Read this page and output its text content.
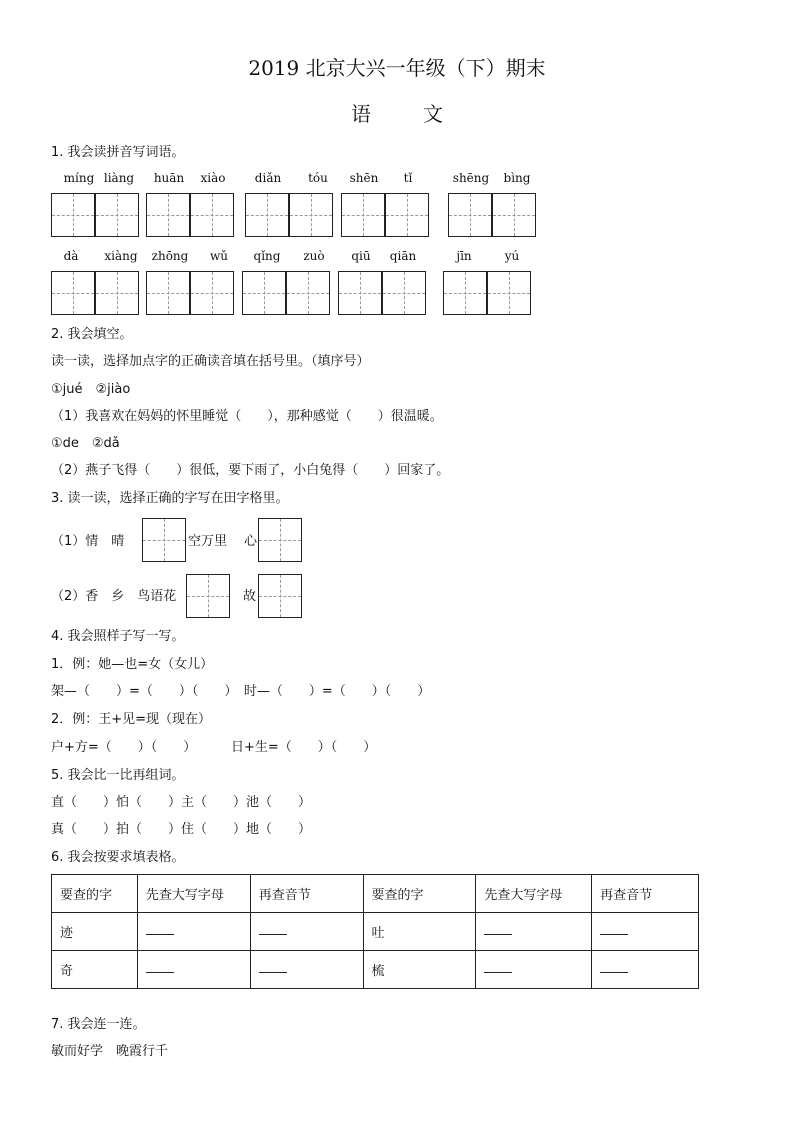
2019 北京大兴一年级（下）期末
语文
1. 我会读拼音写词语。
míng liàng	huān	xiào	diǎn	tóu	shēn	tǐ	shēng	bìng
dà	xiàng	zhōng	wǔ	qǐng	zuò	qiū	qiān	jīn	yú
2. 我会填空。
读一读，选择加点字的正确读音填在括号里。（填序号）
①jué　②jiào
（1）我喜欢在妈妈的怀里睡觉（　　），那种感觉（　　）很温暖。
①de　②dǎ
（2）燕子飞得（　　）很低，要下雨了，小白兔得（　　）回家了。
3. 读一读，选择正确的字写在田字格里。
（1）情　晴	空万里 心
（2）香　乡　鸟语花	故
4. 我会照样子写一写。
1．例：她—也=女（女儿）
架—（　　）=（　　）（　　）　时—（　　）=（　　）（　　）
2．例：王+见=现（现在）
户+方=（　　）（　　）	日+生=（　　）（　　）
5. 我会比一比再组词。
直（　　）怕（　　）主（　　）池（　　）
真（　　）拍（　　）住（　　）地（　　）
6. 我会按要求填表格。
要查的字	先查大写字母	再查音节	要查的字	先查大写字母	再查音节
迹			吐		
奇			梳		
7. 我会连一连。
敏而好学　晚霞行千
